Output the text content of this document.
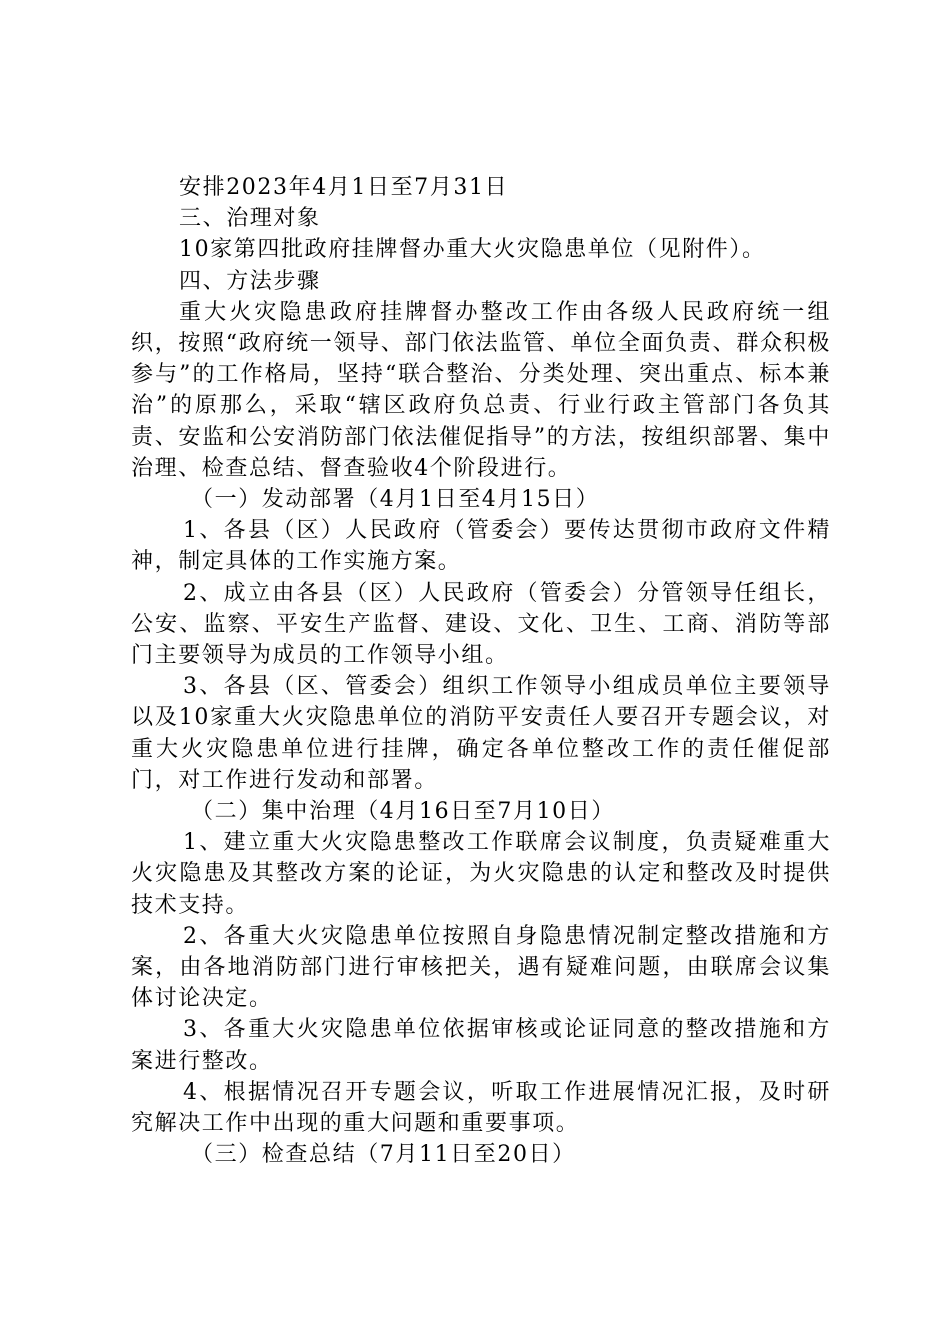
安排2023年4月1日至7月31日

三、治理对象

10家第四批政府挂牌督办重大火灾隐患单位（见附件）。

四、方法步骤

重大火灾隐患政府挂牌督办整改工作由各级人民政府统一组织，按照“政府统一领导、部门依法监管、单位全面负责、群众积极参与”的工作格局，坚持“联合整治、分类处理、突出重点、标本兼治”的原那么，采取“辖区政府负总责、行业行政主管部门各负其责、安监和公安消防部门依法催促指导”的方法，按组织部署、集中治理、检查总结、督查验收4个阶段进行。

（一）发动部署（4月1日至4月15日）

1、各县（区）人民政府（管委会）要传达贯彻市政府文件精神，制定具体的工作实施方案。

2、成立由各县（区）人民政府（管委会）分管领导任组长，公安、监察、平安生产监督、建设、文化、卫生、工商、消防等部门主要领导为成员的工作领导小组。

3、各县（区、管委会）组织工作领导小组成员单位主要领导以及10家重大火灾隐患单位的消防平安责任人要召开专题会议，对重大火灾隐患单位进行挂牌，确定各单位整改工作的责任催促部门，对工作进行发动和部署。

（二）集中治理（4月16日至7月10日）

1、建立重大火灾隐患整改工作联席会议制度，负责疑难重大火灾隐患及其整改方案的论证，为火灾隐患的认定和整改及时提供技术支持。

2、各重大火灾隐患单位按照自身隐患情况制定整改措施和方案，由各地消防部门进行审核把关，遇有疑难问题，由联席会议集体讨论决定。

3、各重大火灾隐患单位依据审核或论证同意的整改措施和方案进行整改。

4、根据情况召开专题会议，听取工作进展情况汇报，及时研究解决工作中出现的重大问题和重要事项。

（三）检查总结（7月11日至20日）
